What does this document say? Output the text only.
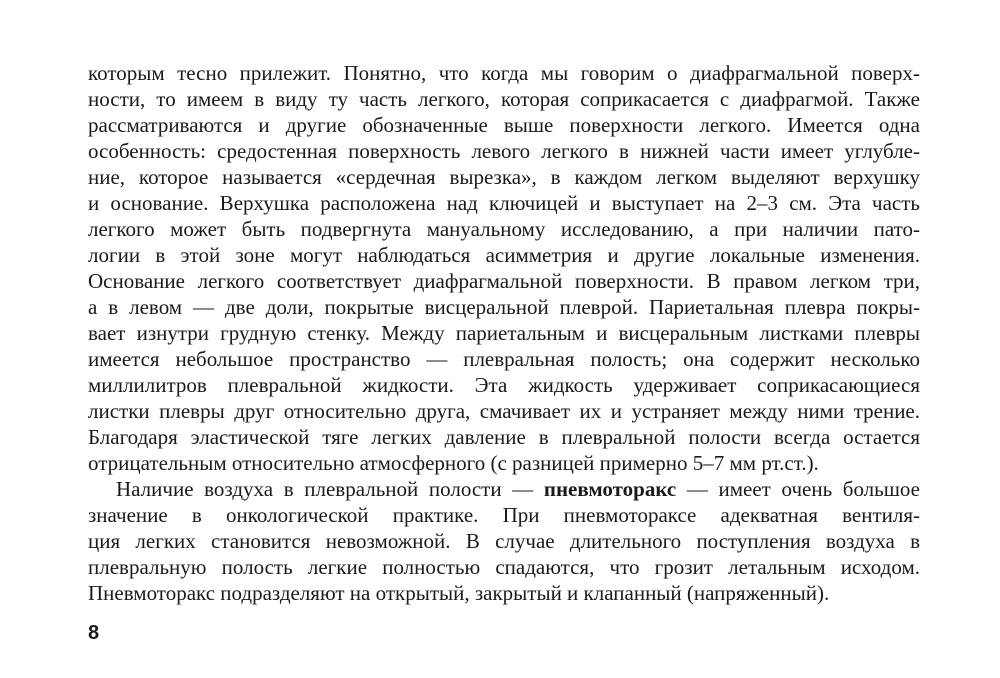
которым тесно прилежит. Понятно, что когда мы говорим о диафрагмальной поверх-
ности, то имеем в виду ту часть легкого, которая соприкасается с диафрагмой. Также
рассматриваются и другие обозначенные выше поверхности легкого. Имеется одна
особенность: средостенная поверхность левого легкого в нижней части имеет углубле-
ние, которое называется «сердечная вырезка», в каждом легком выделяют верхушку
и основание. Верхушка расположена над ключицей и выступает на 2–3 см. Эта часть
легкого может быть подвергнута мануальному исследованию, а при наличии пато-
логии в этой зоне могут наблюдаться асимметрия и другие локальные изменения.
Основание легкого соответствует диафрагмальной поверхности. В правом легком три,
а в левом — две доли, покрытые висцеральной плеврой. Париетальная плевра покры-
вает изнутри грудную стенку. Между париетальным и висцеральным листками плевры
имеется небольшое пространство — плевральная полость; она содержит несколько
миллилитров плевральной жидкости. Эта жидкость удерживает соприкасающиеся
листки плевры друг относительно друга, смачивает их и устраняет между ними трение.
Благодаря эластической тяге легких давление в плевральной полости всегда остается
отрицательным относительно атмосферного (с разницей примерно 5–7 мм рт.ст.).
Наличие воздуха в плевральной полости — пневмоторакс — имеет очень большое
значение в онкологической практике. При пневмотораксе адекватная вентиля-
ция легких становится невозможной. В случае длительного поступления воздуха в
плевральную полость легкие полностью спадаются, что грозит летальным исходом.
Пневмоторакс подразделяют на открытый, закрытый и клапанный (напряженный).
8
